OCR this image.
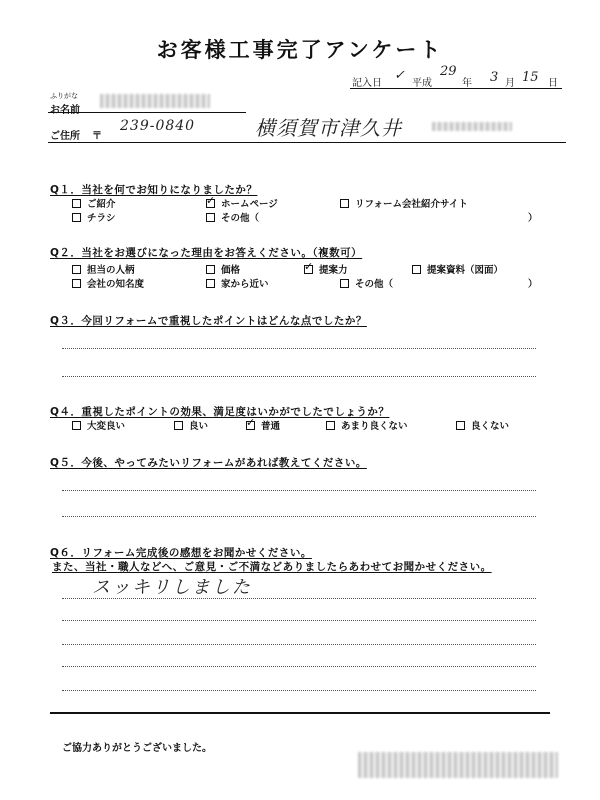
お客様工事完了アンケート
記入日
✓
平成
29
年 3 月 15 日
ふりがな
お名前
ご住所 〒
239-0840	横須賀市津久井
Q１．当社を何でお知りになりましたか？
ご紹介 ✓	ホームページ	リフォーム会社紹介サイト
チラシ	その他（	）
Q２．当社をお選びになった理由をお答えください。（複数可）
担当の人柄	価格 ✓	提案力	提案資料（図面）
会社の知名度	家から近い	その他（	）
Q３．今回リフォームで重視したポイントはどんな点でしたか？
Q４．重視したポイントの効果、満足度はいかがでしたでしょうか？
大変良い	良い ✓	普通	あまり良くない	良くない
Q５．今後、やってみたいリフォームがあれば教えてください。
Q６．リフォーム完成後の感想をお聞かせください。
また、当社・職人などへ、ご意見・ご不満などありましたらあわせてお聞かせください。
スッキリしました
ご協力ありがとうございました。
